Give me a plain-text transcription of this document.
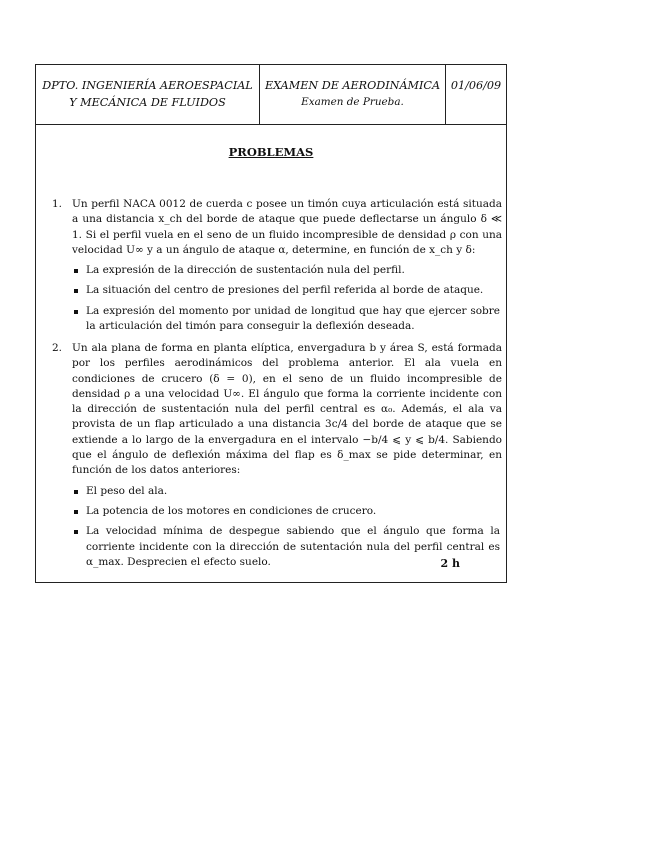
DPTO. INGENIERÍA AEROESPACIAL
Y MECÁNICA DE FLUIDOS
EXAMEN DE AERODINÁMICA
Examen de Prueba.
01/06/09
PROBLEMAS
1. Un perfil NACA 0012 de cuerda c posee un timón cuya articulación está situada a una distancia x_ch del borde de ataque que puede deflectarse un ángulo δ ≪ 1. Si el perfil vuela en el seno de un fluido incompresible de densidad ρ con una velocidad U∞ y a un ángulo de ataque α, determine, en función de x_ch y δ:
La expresión de la dirección de sustentación nula del perfil.
La situación del centro de presiones del perfil referida al borde de ataque.
La expresión del momento por unidad de longitud que hay que ejercer sobre la articulación del timón para conseguir la deflexión deseada.
2. Un ala plana de forma en planta elíptica, envergadura b y área S, está formada por los perfiles aerodinámicos del problema anterior. El ala vuela en condiciones de crucero (δ = 0), en el seno de un fluido incompresible de densidad ρ a una velocidad U∞. El ángulo que forma la corriente incidente con la dirección de sustentación nula del perfil central es α₀. Además, el ala va provista de un flap articulado a una distancia 3c/4 del borde de ataque que se extiende a lo largo de la envergadura en el intervalo −b/4 ⩽ y ⩽ b/4. Sabiendo que el ángulo de deflexión máxima del flap es δ_max se pide determinar, en función de los datos anteriores:
El peso del ala.
La potencia de los motores en condiciones de crucero.
La velocidad mínima de despegue sabiendo que el ángulo que forma la corriente incidente con la dirección de sutentación nula del perfil central es α_max. Desprecien el efecto suelo.	2 h
